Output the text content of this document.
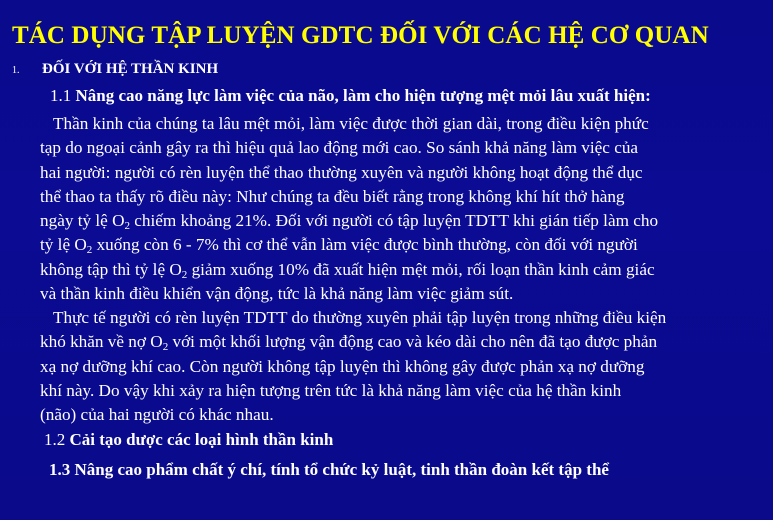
TÁC DỤNG TẬP LUYỆN GDTC ĐỐI VỚI CÁC HỆ CƠ QUAN
1. ĐỐI VỚI HỆ THẦN KINH
1.1 Nâng cao năng lực làm việc của não, làm cho hiện tượng mệt mỏi lâu xuất hiện:
Thần kinh của chúng ta lâu mệt mỏi, làm việc được thời gian dài, trong điều kiện phức
tạp do ngoại cảnh gây ra thì hiệu quả lao động mới cao. So sánh khả năng làm việc của
hai người: người có rèn luyện thể thao thường xuyên và người không hoạt động thể dục
thể thao ta thấy rõ điều này: Như chúng ta đều biết rằng trong không khí hít thở hàng
ngày tỷ lệ $O_2$ chiếm khoảng 21%. Đối với người có tập luyện TDTT khi gián tiếp làm cho
tỷ lệ $O_2$ xuống còn 6 - 7% thì cơ thể vẫn làm việc được bình thường, còn đối với người
không tập thì tỷ lệ $O_2$ giảm xuống 10% đã xuất hiện mệt mỏi, rối loạn thần kinh cảm giác
và thần kinh điều khiển vận động, tức là khả năng làm việc giảm sút.
Thực tế người có rèn luyện TDTT do thường xuyên phải tập luyện trong những điều kiện
khó khăn về nợ $O_2$ với một khối lượng vận động cao và kéo dài cho nên đã tạo được phản
xạ nợ dưỡng khí cao. Còn người không tập luyện thì không gây được phản xạ nợ dưỡng
khí này. Do vậy khi xảy ra hiện tượng trên tức là khả năng làm việc của hệ thần kinh
(não) của hai người có khác nhau.
1.2 Cải tạo dược các loại hình thần kinh
1.3 Nâng cao phẩm chất ý chí, tính tổ chức kỷ luật, tinh thần đoàn kết tập thể
